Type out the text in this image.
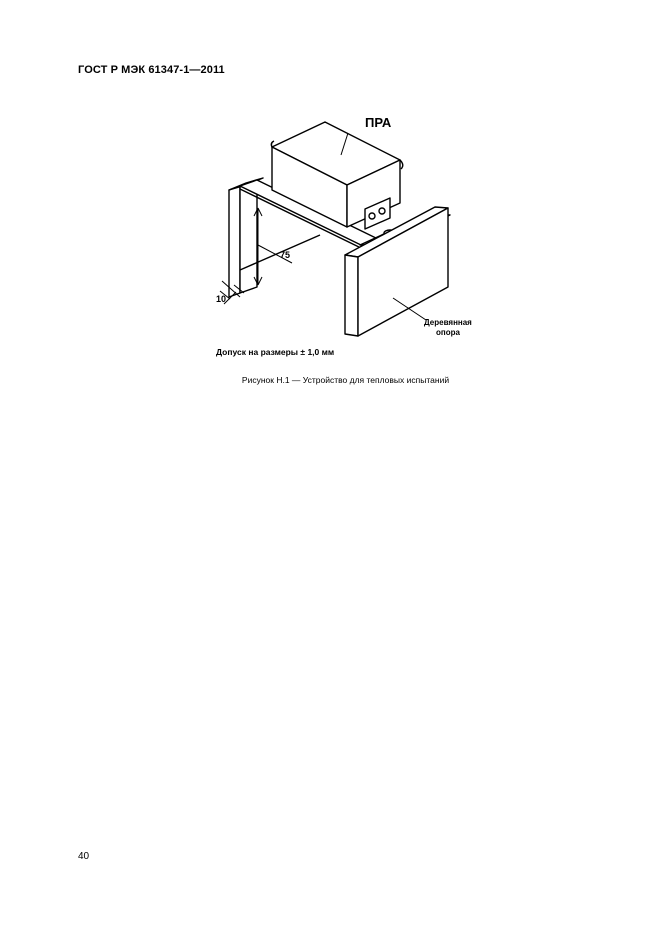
ГОСТ Р МЭК 61347-1—2011
ПРА
75
10
Деревянная
опора
Допуск на размеры ± 1,0 мм
Рисунок Н.1 — Устройство для тепловых испытаний
40
